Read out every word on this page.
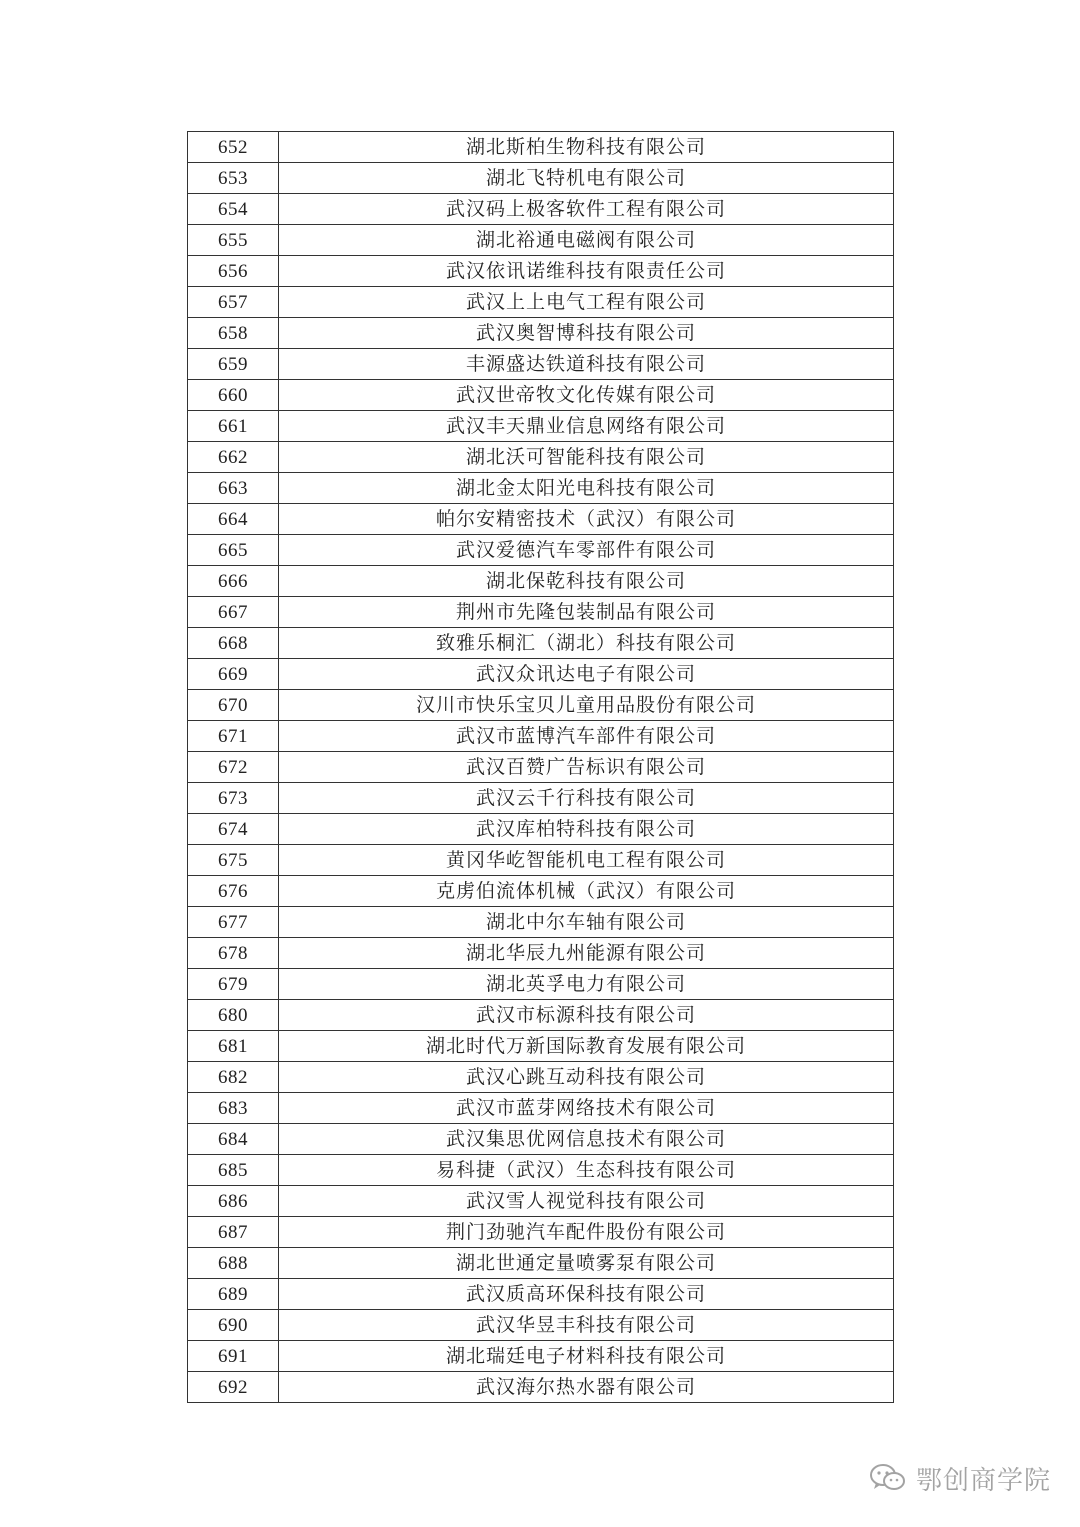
652	湖北斯柏生物科技有限公司
653	湖北飞特机电有限公司
654	武汉码上极客软件工程有限公司
655	湖北裕通电磁阀有限公司
656	武汉依讯诺维科技有限责任公司
657	武汉上上电气工程有限公司
658	武汉奥智博科技有限公司
659	丰源盛达铁道科技有限公司
660	武汉世帝牧文化传媒有限公司
661	武汉丰天鼎业信息网络有限公司
662	湖北沃可智能科技有限公司
663	湖北金太阳光电科技有限公司
664	帕尔安精密技术（武汉）有限公司
665	武汉爱德汽车零部件有限公司
666	湖北保乾科技有限公司
667	荆州市先隆包装制品有限公司
668	致雅乐桐汇（湖北）科技有限公司
669	武汉众讯达电子有限公司
670	汉川市快乐宝贝儿童用品股份有限公司
671	武汉市蓝博汽车部件有限公司
672	武汉百赞广告标识有限公司
673	武汉云千行科技有限公司
674	武汉库柏特科技有限公司
675	黄冈华屹智能机电工程有限公司
676	克虏伯流体机械（武汉）有限公司
677	湖北中尔车轴有限公司
678	湖北华辰九州能源有限公司
679	湖北英孚电力有限公司
680	武汉市标源科技有限公司
681	湖北时代万新国际教育发展有限公司
682	武汉心跳互动科技有限公司
683	武汉市蓝芽网络技术有限公司
684	武汉集思优网信息技术有限公司
685	易科捷（武汉）生态科技有限公司
686	武汉雪人视觉科技有限公司
687	荆门劲驰汽车配件股份有限公司
688	湖北世通定量喷雾泵有限公司
689	武汉质高环保科技有限公司
690	武汉华昱丰科技有限公司
691	湖北瑞廷电子材料科技有限公司
692	武汉海尔热水器有限公司
鄂创商学院
